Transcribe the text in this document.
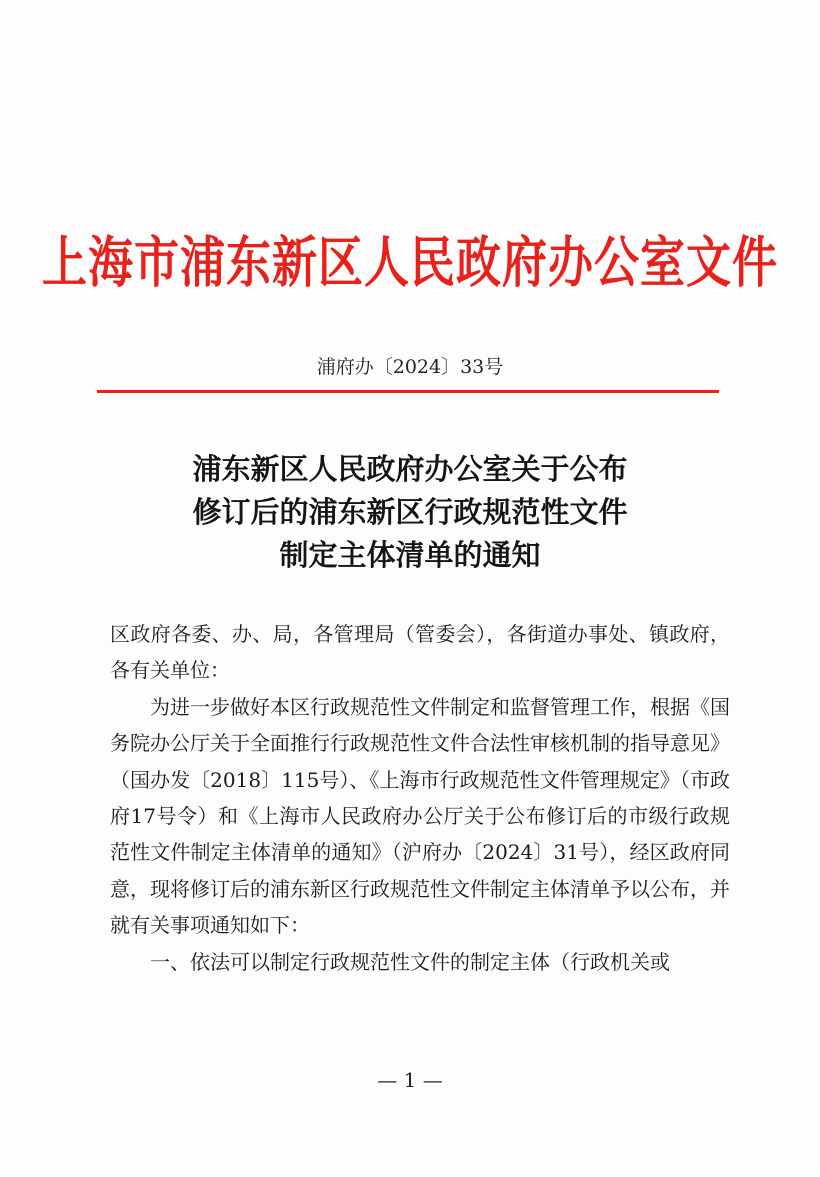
上海市浦东新区人民政府办公室文件
浦府办〔2024〕33号
浦东新区人民政府办公室关于公布
修订后的浦东新区行政规范性文件
制定主体清单的通知

区政府各委、办、局，各管理局（管委会），各街道办事处、镇政府，各有关单位：

为进一步做好本区行政规范性文件制定和监督管理工作，根据《国务院办公厅关于全面推行行政规范性文件合法性审核机制的指导意见》（国办发〔2018〕115号）、《上海市行政规范性文件管理规定》（市政府17号令）和《上海市人民政府办公厅关于公布修订后的市级行政规范性文件制定主体清单的通知》（沪府办〔2024〕31号），经区政府同意，现将修订后的浦东新区行政规范性文件制定主体清单予以公布，并就有关事项通知如下：

一、依法可以制定行政规范性文件的制定主体（行政机关或

— 1 —
